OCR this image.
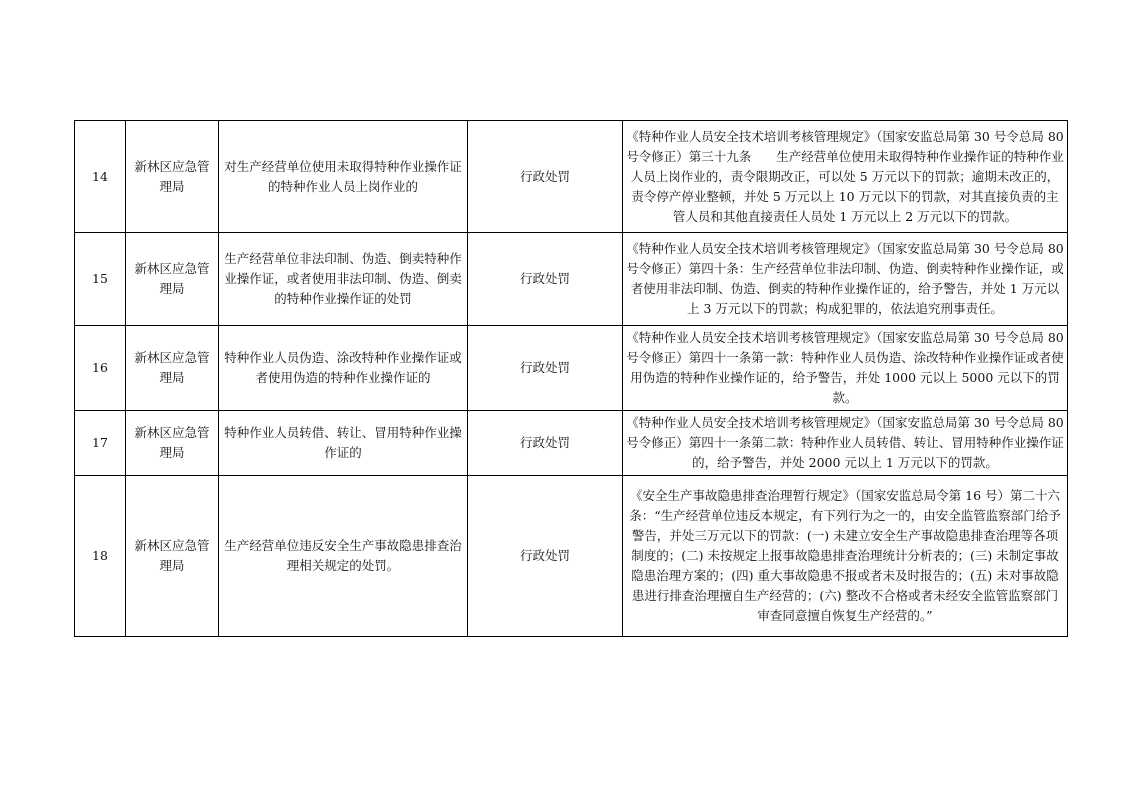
14	新林区应急管理局	对生产经营单位使用未取得特种作业操作证的特种作业人员上岗作业的	行政处罚	《特种作业人员安全技术培训考核管理规定》（国家安监总局第 30 号令总局 80 号令修正）第三十九条　　生产经营单位使用未取得特种作业操作证的特种作业人员上岗作业的，责令限期改正，可以处 5 万元以下的罚款；逾期未改正的，责令停产停业整顿，并处 5 万元以上 10 万元以下的罚款，对其直接负责的主管人员和其他直接责任人员处 1 万元以上 2 万元以下的罚款。
15	新林区应急管理局	生产经营单位非法印制、伪造、倒卖特种作业操作证，或者使用非法印制、伪造、倒卖的特种作业操作证的处罚	行政处罚	《特种作业人员安全技术培训考核管理规定》（国家安监总局第 30 号令总局 80 号令修正）第四十条：生产经营单位非法印制、伪造、倒卖特种作业操作证，或者使用非法印制、伪造、倒卖的特种作业操作证的，给予警告，并处 1 万元以上 3 万元以下的罚款；构成犯罪的，依法追究刑事责任。
16	新林区应急管理局	特种作业人员伪造、涂改特种作业操作证或者使用伪造的特种作业操作证的	行政处罚	《特种作业人员安全技术培训考核管理规定》（国家安监总局第 30 号令总局 80 号令修正）第四十一条第一款：特种作业人员伪造、涂改特种作业操作证或者使用伪造的特种作业操作证的，给予警告，并处 1000 元以上 5000 元以下的罚款。
17	新林区应急管理局	特种作业人员转借、转让、冒用特种作业操作证的	行政处罚	《特种作业人员安全技术培训考核管理规定》（国家安监总局第 30 号令总局 80 号令修正）第四十一条第二款：特种作业人员转借、转让、冒用特种作业操作证的，给予警告，并处 2000 元以上 1 万元以下的罚款。
18	新林区应急管理局	生产经营单位违反安全生产事故隐患排查治理相关规定的处罚。	行政处罚	《安全生产事故隐患排查治理暂行规定》（国家安监总局令第 16 号）第二十六条：“生产经营单位违反本规定，有下列行为之一的，由安全监管监察部门给予警告，并处三万元以下的罚款：(一) 未建立安全生产事故隐患排查治理等各项制度的；(二) 未按规定上报事故隐患排查治理统计分析表的；(三) 未制定事故隐患治理方案的；(四) 重大事故隐患不报或者未及时报告的；(五) 未对事故隐患进行排查治理擅自生产经营的；(六) 整改不合格或者未经安全监管监察部门审查同意擅自恢复生产经营的。”
